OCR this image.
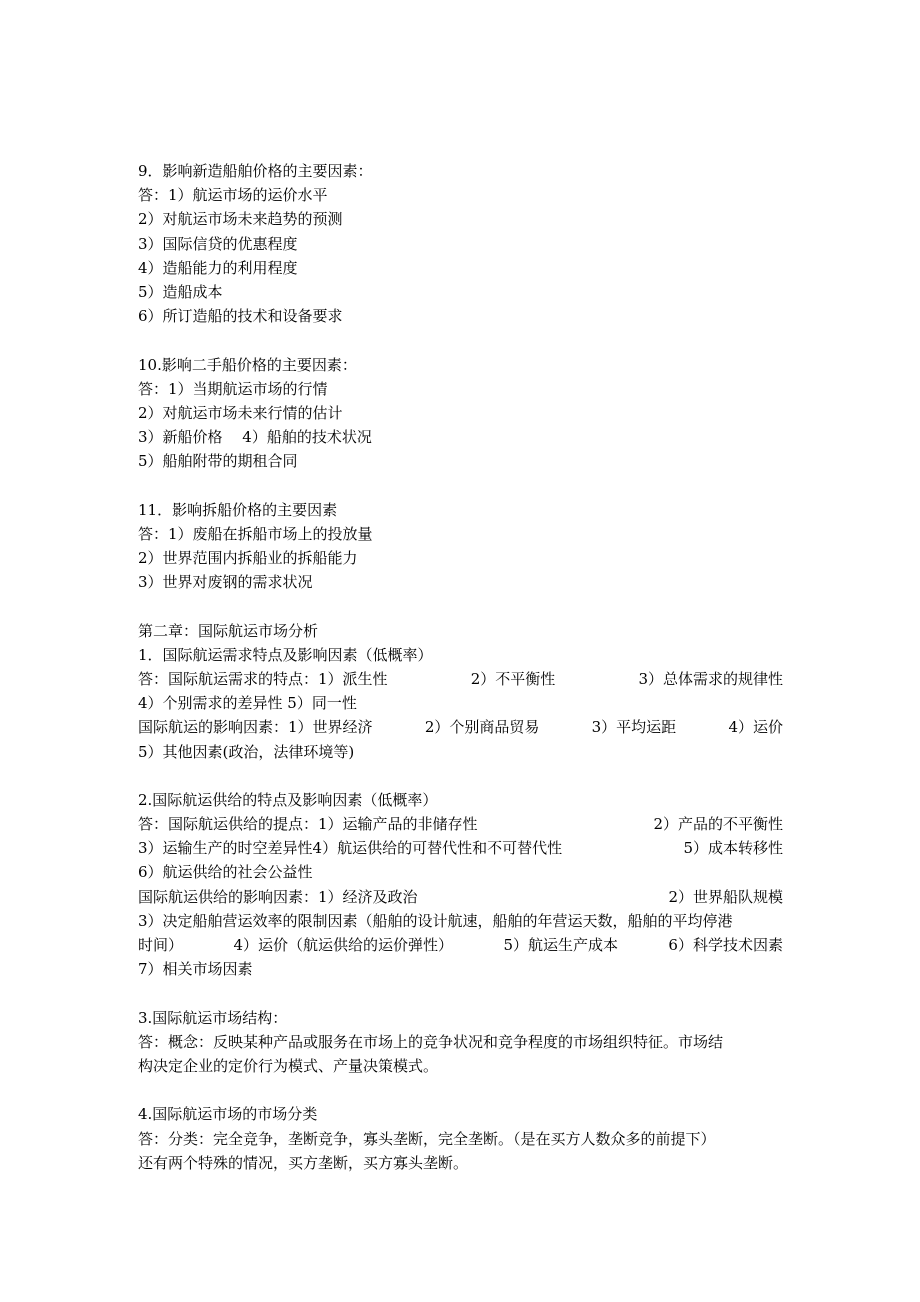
9．影响新造船舶价格的主要因素：
答：1）航运市场的运价水平
2）对航运市场未来趋势的预测
3）国际信贷的优惠程度
4）造船能力的利用程度
5）造船成本
6）所订造船的技术和设备要求
10.影响二手船价格的主要因素：
答：1）当期航运市场的行情
2）对航运市场未来行情的估计
3）新船价格　 4）船舶的技术状况
5）船舶附带的期租合同
11．影响拆船价格的主要因素
答：1）废船在拆船市场上的投放量
2）世界范围内拆船业的拆船能力
3）世界对废钢的需求状况
第二章：国际航运市场分析
1．国际航运需求特点及影响因素（低概率）
答：国际航运需求的特点：1）派生性	2）不平衡性	3）总体需求的规律性
4）个别需求的差异性 5）同一性
国际航运的影响因素：1）世界经济	2）个别商品贸易	3）平均运距	4）运价
5）其他因素(政治，法律环境等)
2.国际航运供给的特点及影响因素（低概率）
答：国际航运供给的提点：1）运输产品的非储存性	2）产品的不平衡性
3）运输生产的时空差异性4）航运供给的可替代性和不可替代性	5）成本转移性
6）航运供给的社会公益性
国际航运供给的影响因素：1）经济及政治	2）世界船队规模
3）决定船舶营运效率的限制因素（船舶的设计航速，船舶的年营运天数，船舶的平均停港
时间）	4）运价（航运供给的运价弹性）	5）航运生产成本	6）科学技术因素
7）相关市场因素
3.国际航运市场结构：
答：概念：反映某种产品或服务在市场上的竞争状况和竞争程度的市场组织特征。市场结
构决定企业的定价行为模式、产量决策模式。
4.国际航运市场的市场分类
答：分类：完全竞争，垄断竞争，寡头垄断，完全垄断。（是在买方人数众多的前提下）
还有两个特殊的情况，买方垄断，买方寡头垄断。
